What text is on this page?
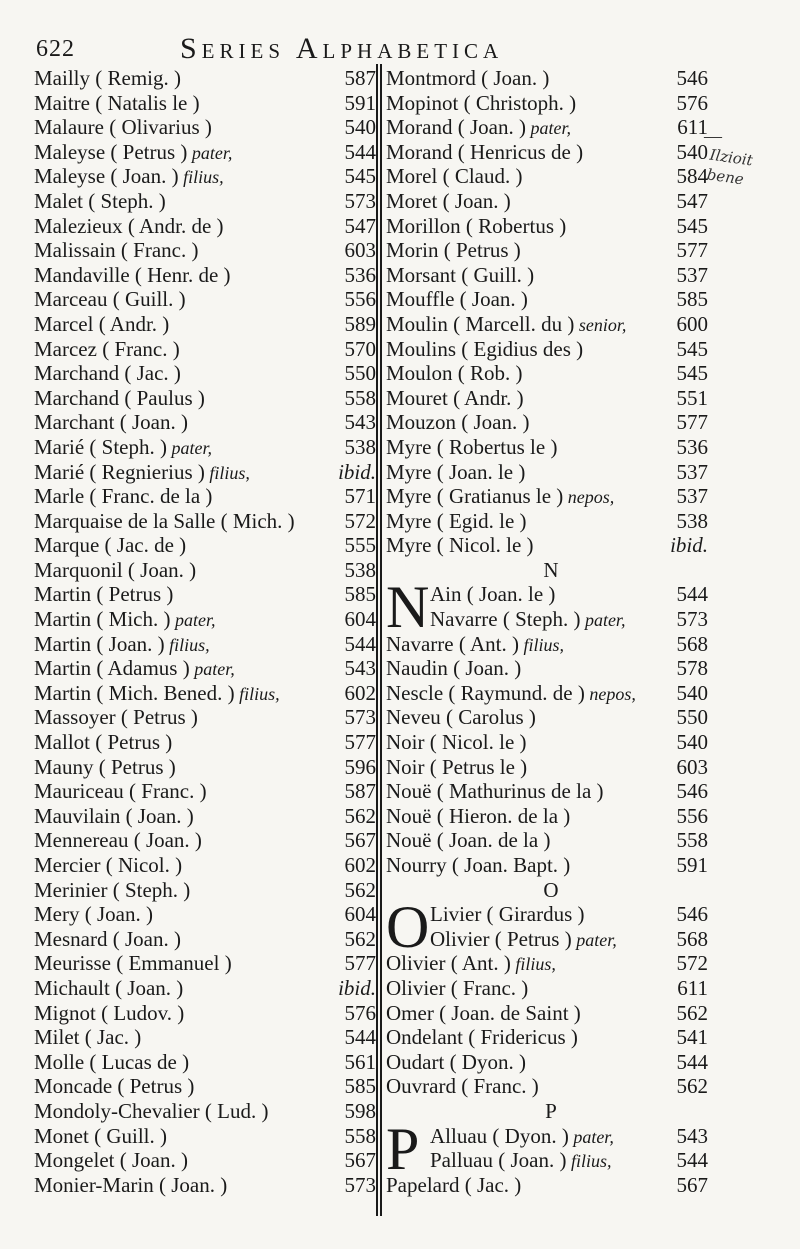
622	Series Alphabetica
Mailly ( Remig. )	587
Maitre ( Natalis le )	591
Malaure ( Olivarius )	540
Maleyse ( Petrus ) pater,	544
Maleyse ( Joan. ) filius,	545
Malet ( Steph. )	573
Malezieux ( Andr. de )	547
Malissain ( Franc. )	603
Mandaville ( Henr. de )	536
Marceau ( Guill. )	556
Marcel ( Andr. )	589
Marcez ( Franc. )	570
Marchand ( Jac. )	550
Marchand ( Paulus )	558
Marchant ( Joan. )	543
Marié ( Steph. ) pater,	538
Marié ( Regnierius ) filius,	ibid.
Marle ( Franc. de la )	571
Marquaise de la Salle ( Mich. ) 572
Marque ( Jac. de )	555
Marquonil ( Joan. )	538
Martin ( Petrus )	585
Martin ( Mich. ) pater,	604
Martin ( Joan. ) filius,	544
Martin ( Adamus ) pater,	543
Martin ( Mich. Bened. ) filius,	602
Massoyer ( Petrus )	573
Mallot ( Petrus )	577
Mauny ( Petrus )	596
Mauriceau ( Franc. )	587
Mauvilain ( Joan. )	562
Mennereau ( Joan. )	567
Mercier ( Nicol. )	602
Merinier ( Steph. )	562
Mery ( Joan. )	604
Mesnard ( Joan. )	562
Meurisse ( Emmanuel )	577
Michault ( Joan. )	ibid.
Mignot ( Ludov. )	576
Milet ( Jac. )	544
Molle ( Lucas de )	561
Moncade ( Petrus )	585
Mondoly-Chevalier ( Lud. )	598
Monet ( Guill. )	558
Mongelet ( Joan. )	567
Monier-Marin ( Joan. )	573
Montmord ( Joan. )	546
Mopinot ( Christoph. )	576
Morand ( Joan. ) pater,	611
Morand ( Henricus de )	540
Morel ( Claud. )	584
Moret ( Joan. )	547
Morillon ( Robertus )	545
Morin ( Petrus )	577
Morsant ( Guill. )	537
Mouffle ( Joan. )	585
Moulin ( Marcell. du ) senior, 600
Moulins ( Egidius des )	545
Moulon ( Rob. )	545
Mouret ( Andr. )	551
Mouzon ( Joan. )	577
Myre ( Robertus le )	536
Myre ( Joan. le )	537
Myre ( Gratianus le ) nepos,	537
Myre ( Egid. le )	538
Myre ( Nicol. le )	ibid.
N
N Ain ( Joan. le )	544
Navarre ( Steph. ) pater, 573
Navarre ( Ant. ) filius,	568
Naudin ( Joan. )	578
Nescle ( Raymund. de ) nepos, 540
Neveu ( Carolus )	550
Noir ( Nicol. le )	540
Noir ( Petrus le )	603
Nouë ( Mathurinus de la )	546
Nouë ( Hieron. de la )	556
Nouë ( Joan. de la )	558
Nourry ( Joan. Bapt. )	591
O
O Livier ( Girardus )	546
Olivier ( Petrus ) pater,	568
Olivier ( Ant. ) filius,	572
Olivier ( Franc. )	611
Omer ( Joan. de Saint )	562
Ondelant ( Fridericus )	541
Oudart ( Dyon. )	544
Ouvrard ( Franc. )	562
P
P Alluau ( Dyon. ) pater,	543
Palluau ( Joan. ) filius,	544
Papelard ( Jac. )	567
—
Ilzioit bene
